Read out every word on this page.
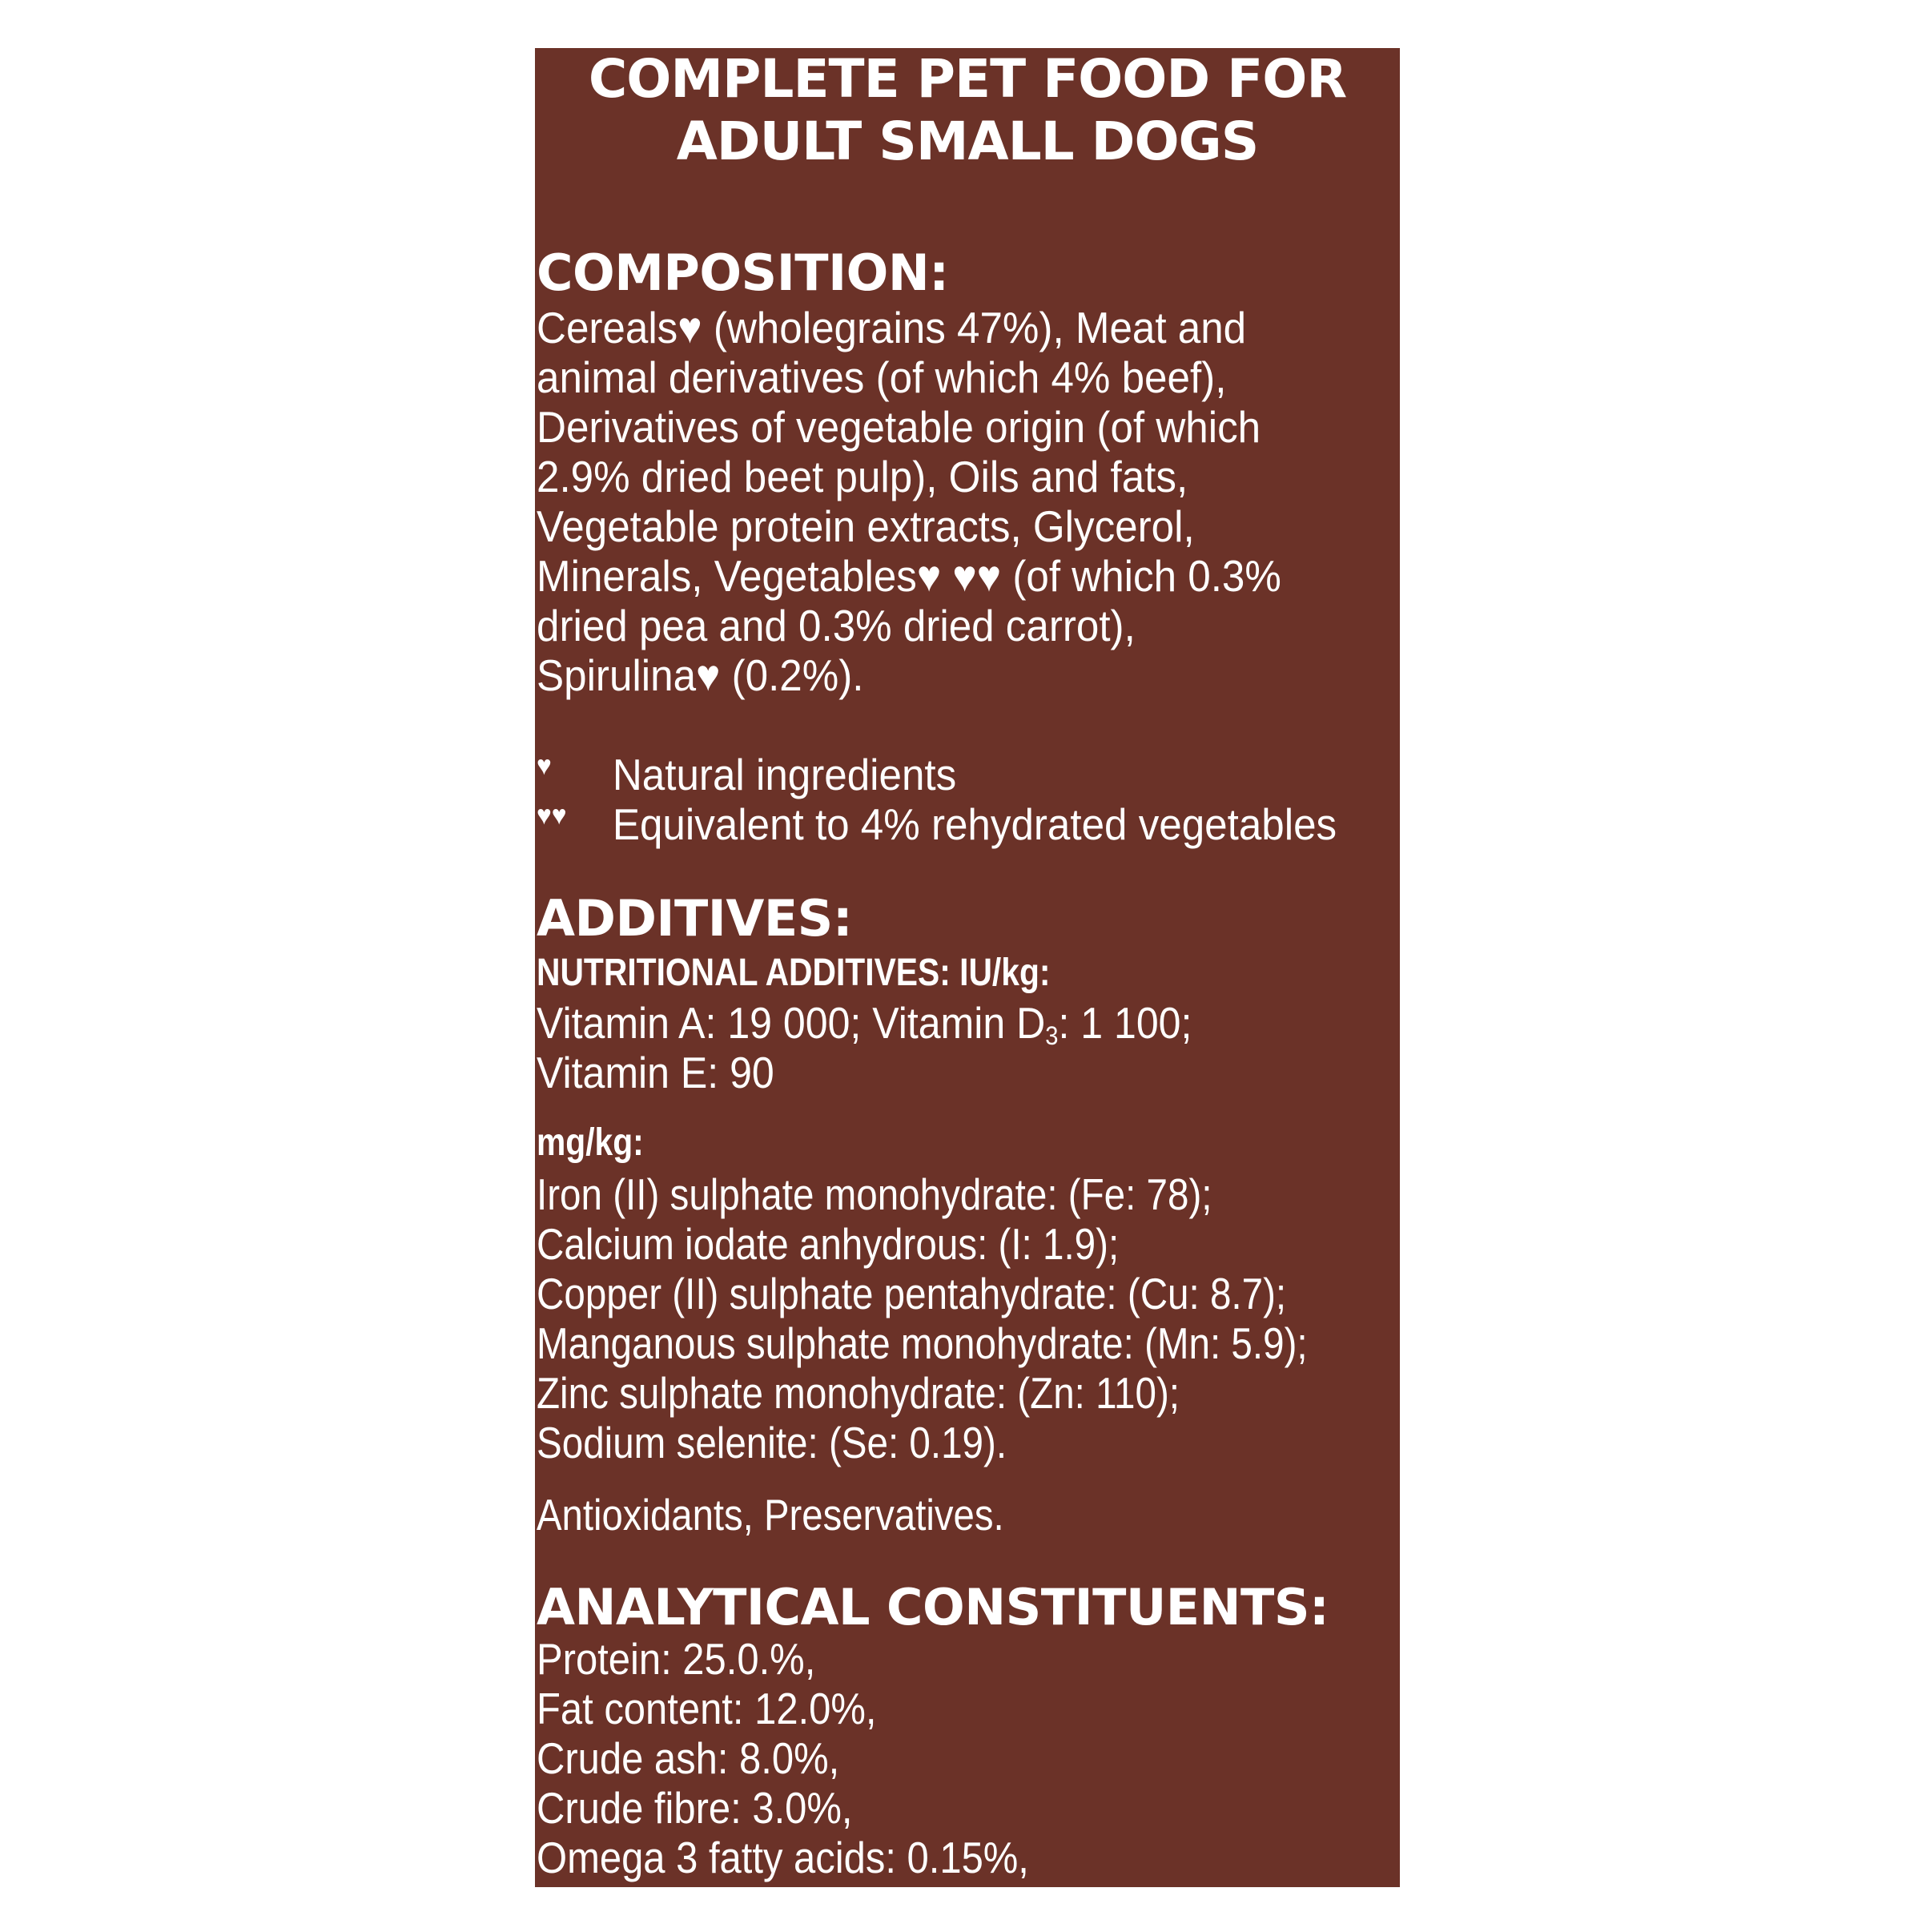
COMPLETE PET FOOD FOR
ADULT SMALL DOGS
COMPOSITION:
Cereals♥ (wholegrains 47%), Meat and
animal derivatives (of which 4% beef),
Derivatives of vegetable origin (of which
2.9% dried beet pulp), Oils and fats,
Vegetable protein extracts, Glycerol,
Minerals, Vegetables♥ ♥♥ (of which 0.3%
dried pea and 0.3% dried carrot),
Spirulina♥ (0.2%).
♥ Natural ingredients
♥♥ Equivalent to 4% rehydrated vegetables
ADDITIVES:
NUTRITIONAL ADDITIVES: IU/kg:
Vitamin A: 19 000; Vitamin $D_3$: 1 100;
Vitamin E: 90
mg/kg:
Iron (II) sulphate monohydrate: (Fe: 78);
Calcium iodate anhydrous: (I: 1.9);
Copper (II) sulphate pentahydrate: (Cu: 8.7);
Manganous sulphate monohydrate: (Mn: 5.9);
Zinc sulphate monohydrate: (Zn: 110);
Sodium selenite: (Se: 0.19).
Antioxidants, Preservatives.
ANALYTICAL CONSTITUENTS:
Protein: 25.0.%,
Fat content: 12.0%,
Crude ash: 8.0%,
Crude fibre: 3.0%,
Omega 3 fatty acids: 0.15%,
Omega 6 fatty acids: 2.6%.
